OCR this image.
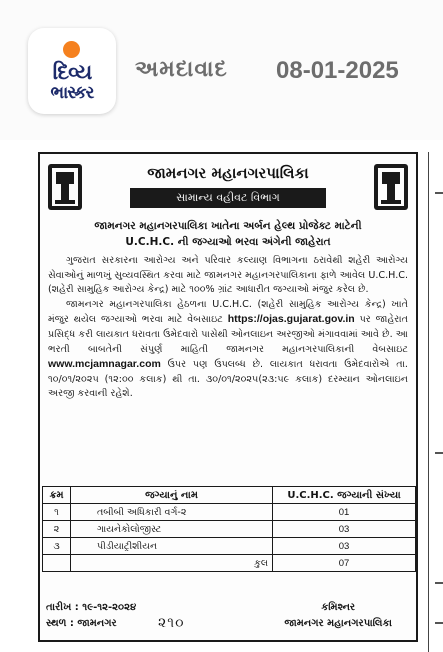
દિવ્ય
ભાસ્કર
અમદાવાદ 08-01-2025
જામનગર મહાનગરપાલિકા
સામાન્ય વહીવટ વિભાગ
જામનગર મહાનગરપાલિકા ખાતેના અર્બન હેલ્થ પ્રોજેક્ટ માટેની
U.C.H.C. ની જગ્યાઓ ભરવા અંગેની જાહેરાત

ગુજરાત સરકારના આરોગ્ય અને પરિવાર કલ્યાણ વિભાગના ઠરાવેથી શહેરી આરોગ્ય સેવાઓનું માળખું સુવ્યવસ્થિત કરવા માટે જામનગર મહાનગરપાલિકાના ફાળે આવેલ U.C.H.C. (શહેરી સામુહિક આરોગ્ય કેન્દ્ર) માટે ૧૦૦% ગ્રાંટ આધારીત જગ્યાઓ મંજુર કરેલ છે.

જામનગર મહાનગરપાલિકા હેઠળના U.C.H.C. (શહેરી સામુહિક આરોગ્ય કેન્દ્ર) ખાતે મંજુર થયેલ જગ્યાઓ ભરવા માટે વેબસાઇટ https://ojas.gujarat.gov.in પર જાહેરાત પ્રસિદ્ધ કરી લાયકાત ધરાવતા ઉમેદવારો પાસેથી ઓનલાઇન અરજીઓ મંગાવવામાં આવે છે. આ ભરતી બાબતેની સંપુર્ણ માહિતી જામનગર મહાનગરપાલિકાની વેબસાઇટ www.mcjamnagar.com ઉપર પણ ઉપલબ્ધ છે. લાયકાત ધરાવતા ઉમેદવારોએ તા. ૧૦/૦૧/૨૦૨૫ (૧૨:૦૦ કલાક) થી તા. ૩૦/૦૧/૨૦૨૫(૨૩:૫૯ કલાક) દરમ્યાન ઓનલાઇન અરજી કરવાની રહેશે.

ક્રમ	જગ્યાનું નામ	U.C.H.C. જગ્યાની સંખ્યા
૧	તબીબી અધિકારી વર્ગ-૨	01
૨	ગાયનેકોલોજીસ્ટ	03
૩	પીડીયાટ્રીશીયન	03
	કુલ	07
તારીખ : ૧૯-૧૨-૨૦૨૪
સ્થળ : જામનગર	૨૧૦
કમિશ્નર
જામનગર મહાનગરપાલિકા
